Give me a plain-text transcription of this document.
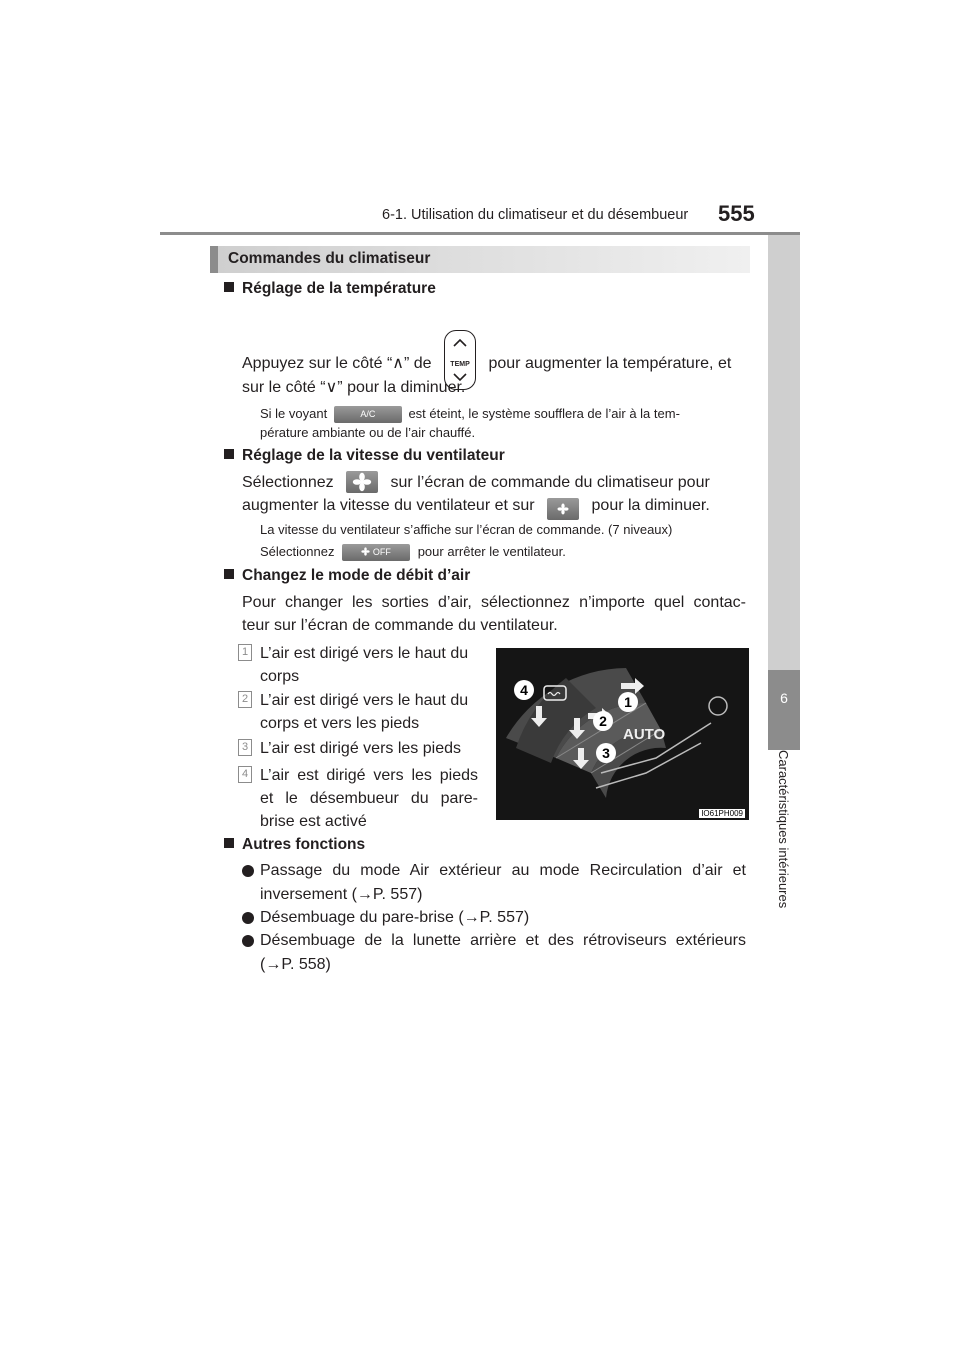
6-1. Utilisation du climatiseur et du désembueur 555
6
Caractéristiques intérieures
Commandes du climatiseur
Réglage de la température
Appuyez sur le côté “∧” de	TEMP	pour augmenter la température, et
sur le côté “∨” pour la diminuer.
Si le voyant	A/C	est éteint, le système soufflera de l’air à la tem-
pérature ambiante ou de l’air chauffé.
Réglage de la vitesse du ventilateur
Sélectionnez	sur l’écran de commande du climatiseur pour
augmenter la vitesse du ventilateur et sur	pour la diminuer.
La vitesse du ventilateur s’affiche sur l’écran de commande. (7 niveaux)
Sélectionnez	OFF pour arrêter le ventilateur.
Changez le mode de débit d’air
Pour changer les sorties d’air, sélectionnez n’importe quel contac-
teur sur l’écran de commande du ventilateur.
1 L’air est dirigé vers le haut du
corps
2 L’air est dirigé vers le haut du
corps et vers les pieds
3 L’air est dirigé vers les pieds
4 L’air est dirigé vers les pieds
et le désembueur du pare-
brise est activé
1
2
3
4
AUTO
IO61PH009
Autres fonctions
Passage du mode Air extérieur au mode Recirculation d’air et
inversement (→P. 557)
Désembuage du pare-brise (→P. 557)
Désembuage de la lunette arrière et des rétroviseurs extérieurs
(→P. 558)
